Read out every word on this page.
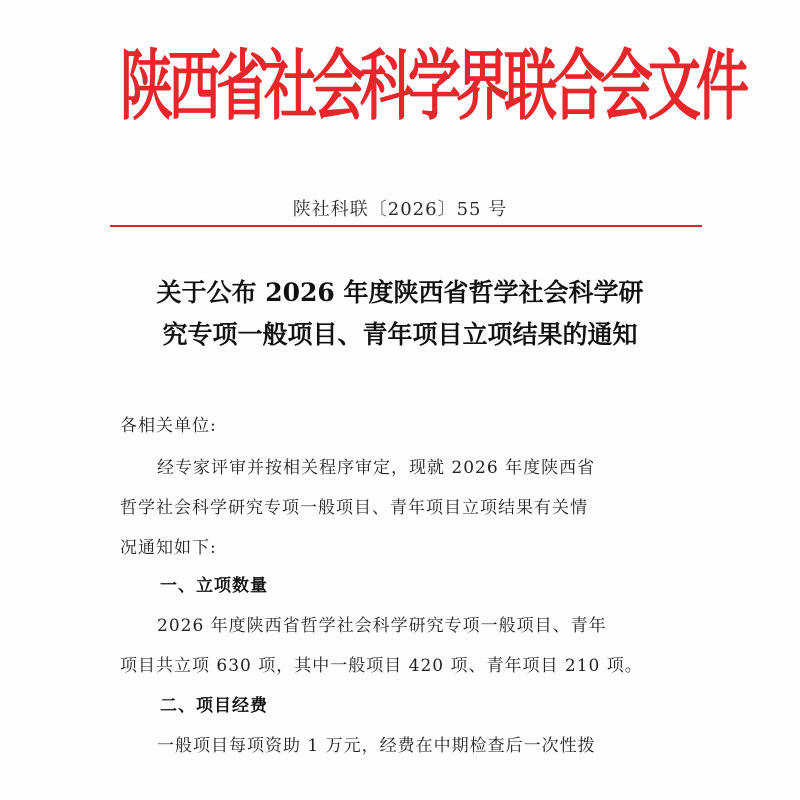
陕西省社会科学界联合会文件

陕社科联〔2026〕55 号

关于公布 2026 年度陕西省哲学社会科学研
究专项一般项目、青年项目立项结果的通知

各相关单位:

经专家评审并按相关程序审定，现就 2026 年度陕西省
哲学社会科学研究专项一般项目、青年项目立项结果有关情
况通知如下:
一、立项数量
2026 年度陕西省哲学社会科学研究专项一般项目、青年
项目共立项 630 项，其中一般项目 420 项、青年项目 210 项。
二、项目经费
一般项目每项资助 1 万元，经费在中期检查后一次性拨
